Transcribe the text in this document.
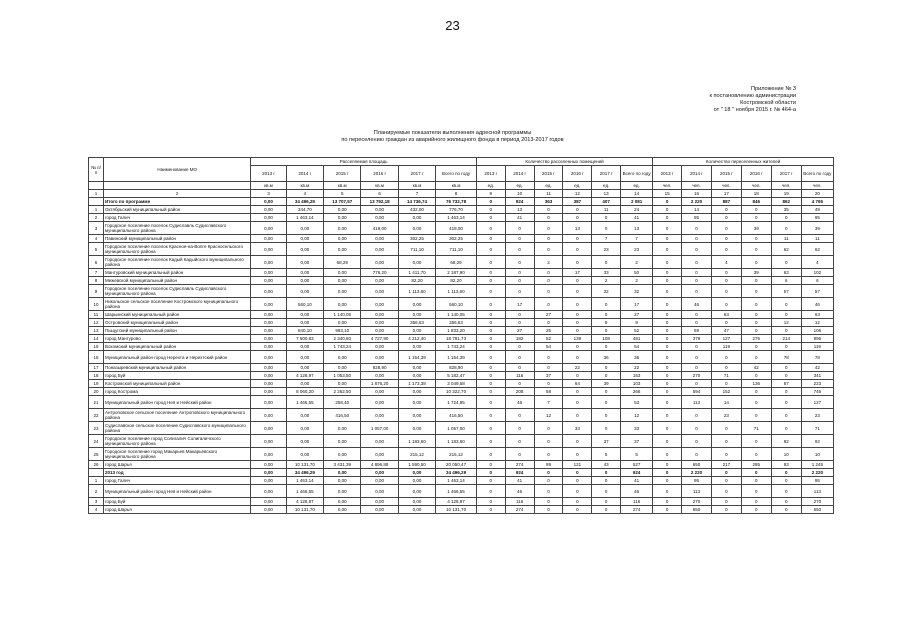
23
Приложение № 3
к постановлению администрации
Костромской области
от " 18 " ноября 2015 г. № 464-а
Планируемые показатели выполнения адресной программы
по переселению граждан из аварийного жилищного фонда в период 2013-2017 годов
№ п/п	Наименование МО	Расселяемая площадь						Количество расселенных помещений						Количество переселенных жителей					
		2013 г	2014 г	2015 г	2016 г	2017 г	Всего по году	2013 г	2014 г	2015 г	2016 г	2017 г	Всего по году	2013 г	2014 г	2015 г	2016 г	2017 г	Всего по году
		кв.м	кв.м	кв.м	кв.м	кв.м	кв.м	ед.	ед.	ед.	ед.	ед.	ед.	чел.	чел.	чел.	чел.	чел.	чел.
1	2	3	4	5	6	7	8	9	10	11	12	13	14	15	16	17	18	19	20
	Итого по программе	0,00	34 496,29	13 707,57	13 792,18	14 736,74	76 732,78	0	924	363	387	407	2 081	0	2 220	887	846	862	4 765
1	Октябрьский муниципальный район	0,00	344,70	0,00	0,00	432,00	776,70	0	13	0	0	11	24	0	14	0	0	35	49
2	город Галич	0,00	1 463,14	0,00	0,00	0,00	1 463,14	0	41	0	0	0	41	0	95	0	0	0	95
3	Городское поселение поселок Судиславль Судиславского муниципального района	0,00	0,00	0,00	418,00	0,00	418,00	0	0	0	13	0	13	0	0	0	39	0	39
4	Павинский муниципальный район	0,00	0,00	0,00	0,00	302,25	302,25	0	0	0	0	7	7	0	0	0	0	11	11
5	Городское поселение поселок Красное-на-Волге Красносельского муниципального района	0,00	0,00	0,00	0,00	711,10	711,10	0	0	0	0	23	23	0	0	0	0	62	62
6	Городское поселение поселок Кадый Кадыйского муниципального района	0,00	0,00	68,29	0,00	0,00	68,29	0	0	2	0	0	2	0	0	4	0	0	4
7	Мантуровский муниципальный район	0,00	0,00	0,00	776,20	1 411,70	2 187,90	0	0	0	17	33	50	0	0	0	39	63	102
8	Межевской муниципальный район	0,00	0,00	0,00	0,00	82,20	82,20	0	0	0	0	2	2	0	0	0	0	6	6
9	Городское поселение поселок Судиславль Судиславского муниципального района	0,00	0,00	0,00	0,00	1 113,60	1 113,60	0	0	0	0	32	32	0	0	0	0	57	57
10	Никольское сельское поселение Костромского муниципального района	0,00	560,10	0,00	0,00	0,00	560,10	0	17	0	0	0	17	0	46	0	0	0	46
11	Шарьинский муниципальный район	0,00	0,00	1 140,05	0,00	0,00	1 140,05	0	0	27	0	0	27	0	0	63	0	0	63
12	Островский муниципальный район	0,00	0,00	0,00	0,00	356,63	356,63	0	0	0	0	9	9	0	0	0	0	12	12
13	Пыщугский муниципальный район	0,00	840,10	993,10	0,00	0,00	1 833,20	0	27	25	0	0	52	0	59	47	0	0	106
14	город Мантурово	0,00	7 500,83	2 340,60	4 727,90	4 212,40	18 781,73	0	182	52	139	108	481	0	379	127	276	214	996
15	Вохомский муниципальный район	0,00	0,00	1 743,24	0,00	0,00	1 743,24	0	0	54	0	0	54	0	0	119	0	0	119
16	Муниципальный район город Нерехта и Нерехтский район	0,00	0,00	0,00	0,00	1 154,39	1 154,39	0	0	0	0	36	36	0	0	0	0	78	78
17	Поназыревский муниципальный район	0,00	0,00	0,00	828,90	0,00	828,90	0	0	0	22	0	22	0	0	0	42	0	42
18	город Буй	0,00	4 128,97	1 053,50	0,00	0,00	5 182,47	0	116	37	0	0	153	0	270	71	0	0	341
19	Костромской муниципальный район	0,00	0,00	0,00	1 876,20	1 173,38	3 049,58	0	0	0	64	39	103	0	0	0	136	87	223
20	город Кострома	0,00	8 060,20	2 262,50	0,00	0,00	10 322,70	0	208	58	0	0	266	0	594	152	0	0	746
21	Муниципальный район город Нея и Нейский район	0,00	1 466,55	258,40	0,00	0,00	1 724,95	0	46	7	0	0	53	0	113	14	0	0	127
22	Антроповское сельское поселение Антроповского муниципального района	0,00	0,00	416,50	0,00	0,00	416,50	0	0	12	0	0	12	0	0	23	0	0	23
23	Судиславское сельское поселение Судиславского муниципального района	0,00	0,00	0,00	1 057,00	0,00	1 057,00	0	0	0	33	0	33	0	0	0	71	0	71
24	Городское поселение город Солигалич Солигаличского муниципального района	0,00	0,00	0,00	0,00	1 183,60	1 183,60	0	0	0	0	37	37	0	0	0	0	92	92
25	Городское поселение город Макарьев Макарьевского муниципального района	0,00	0,00	0,00	0,00	215,12	215,12	0	0	0	0	5	5	0	0	0	0	10	10
26	город Шарья	0,00	10 131,70	3 431,39	4 896,88	1 590,50	20 050,47	0	274	89	121	43	527	0	650	217	285	93	1 245
	2013 год	0,00	34 496,29	0,00	0,00	0,00	34 496,29	0	924	0	0	0	924	0	2 220	0	0	0	2 220
1	город Галич	0,00	1 463,14	0,00	0,00	0,00	1 463,14	0	41	0	0	0	41	0	95	0	0	0	95
2	Муниципальный район город Нея и Нейский район	0,00	1 466,55	0,00	0,00	0,00	1 466,55	0	46	0	0	0	46	0	113	0	0	0	113
3	город Буй	0,00	4 128,97	0,00	0,00	0,00	4 128,97	0	116	0	0	0	116	0	270	0	0	0	270
4	город Шарья	0,00	10 131,70	0,00	0,00	0,00	10 131,70	0	274	0	0	0	274	0	650	0	0	0	650
